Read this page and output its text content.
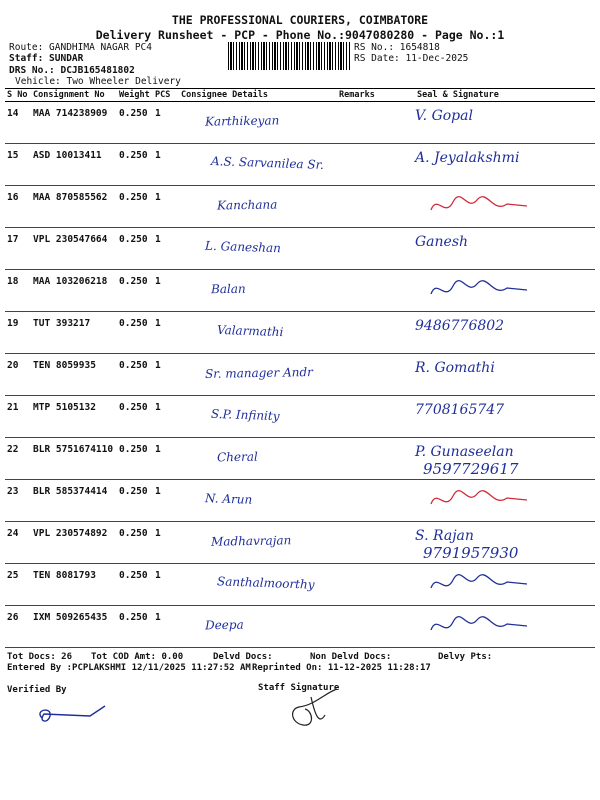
THE PROFESSIONAL COURIERS, COIMBATORE
Delivery Runsheet - PCP - Phone No.:9047080280 - Page No.:1
Route: GANDHIMA NAGAR PC4
Staff: SUNDAR
DRS No.: DCJB165481802
Vehicle: Two Wheeler Delivery
RS No.: 1654818
RS Date: 11-Dec-2025
S No	Consignment No	Weight	PCS	Consignee Details	Remarks	Seal & Signature
14	MAA 714238909	0.250	1	Karthikeyan		V. Gopal

15	ASD 10013411	0.250	1	A.S. Sarvanilea Sr.		A. Jeyalakshmi

16	MAA 870585562	0.250	1	Kanchana		

17	VPL 230547664	0.250	1	L. Ganeshan		Ganesh

18	MAA 103206218	0.250	1	Balan		

19	TUT 393217	0.250	1	Valarmathi		9486776802

20	TEN 8059935	0.250	1	Sr. manager Andr		R. Gomathi

21	MTP 5105132	0.250	1	S.P. Infinity		7708165747

22	BLR 5751674110	0.250	1	Cheral		P. Gunaseelan
9597729617

23	BLR 585374414	0.250	1	N. Arun		

24	VPL 230574892	0.250	1	Madhavrajan		S. Rajan
9791957930

25	TEN 8081793	0.250	1	Santhalmoorthy		

26	IXM 509265435	0.250	1	Deepa		
Tot Docs: 26 Tot COD Amt: 0.00	Delvd Docs:	Non Delvd Docs:	Delvy Pts:
Entered By :PCPLAKSHMI 12/11/2025 11:27:52 AM Reprinted On: 11-12-2025 11:28:17
Verified By	Staff Signature
